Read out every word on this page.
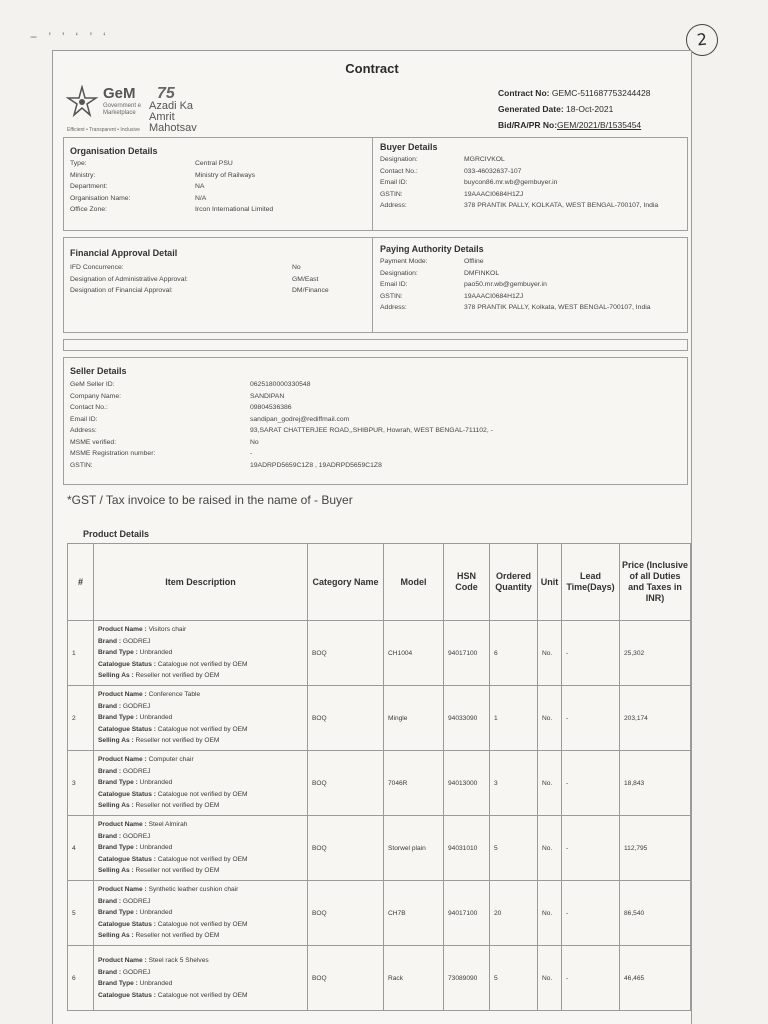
− ’ ’ ‘ ’ ‘	2
Contract
GeM
Government e Marketplace
75
Azadi Ka Amrit Mahotsav
Efficient • Transparent • Inclusive
Contract No: GEMC-511687753244428
Generated Date: 18-Oct-2021
Bid/RA/PR No:GEM/2021/B/1535454
Organisation Details
Type:	Central PSU
Ministry:	Ministry of Railways
Department:	NA
Organisation Name:	N/A
Office Zone:	Ircon International Limited
Buyer Details
Designation:	MGRCIVKOL
Contact No.:	033-46032637-107
Email ID:	buycon86.mr.wb@gembuyer.in
GSTIN:	19AAACI0684H1ZJ
Address:	378 PRANTIK PALLY, KOLKATA, WEST BENGAL-700107, India
Financial Approval Detail
IFD Concurrence:	No
Designation of Administrative Approval:	GM/East
Designation of Financial Approval:	DM/Finance
Paying Authority Details
Payment Mode:	Offline
Designation:	DMFINKOL
Email ID:	pao50.mr.wb@gembuyer.in
GSTIN:	19AAACI0684H1ZJ
Address:	378 PRANTIK PALLY, Kolkata, WEST BENGAL-700107, India
Seller Details
GeM Seller ID:	0625180000330548
Company Name:	SANDIPAN
Contact No.:	09804536386
Email ID:	sandipan_godrej@rediffmail.com
Address:	93,SARAT CHATTERJEE ROAD,,SHIBPUR, Howrah, WEST BENGAL-711102, -
MSME verified:	No
MSME Registration number:	-
GSTIN:	19ADRPD5659C1Z8 , 19ADRPD5659C1Z8
*GST / Tax invoice to be raised in the name of - Buyer
Product Details
#	Item Description	Category Name	Model	HSN Code	Ordered Quantity	Unit	Lead Time(Days)	Price (Inclusive of all Duties and Taxes in INR)
1	Product Name : Visitors chair
Brand : GODREJ
Brand Type : Unbranded
Catalogue Status : Catalogue not verified by OEM
Selling As : Reseller not verified by OEM	BOQ	CH1004	94017100	6	No.	-	25,302
2	Product Name : Conference Table
Brand : GODREJ
Brand Type : Unbranded
Catalogue Status : Catalogue not verified by OEM
Selling As : Reseller not verified by OEM	BOQ	Mingle	94033090	1	No.	-	203,174
3	Product Name : Computer chair
Brand : GODREJ
Brand Type : Unbranded
Catalogue Status : Catalogue not verified by OEM
Selling As : Reseller not verified by OEM	BOQ	7046R	94013000	3	No.	-	18,843
4	Product Name : Steel Almirah
Brand : GODREJ
Brand Type : Unbranded
Catalogue Status : Catalogue not verified by OEM
Selling As : Reseller not verified by OEM	BOQ	Storwel plain	94031010	5	No.	-	112,795
5	Product Name : Synthetic leather cushion chair
Brand : GODREJ
Brand Type : Unbranded
Catalogue Status : Catalogue not verified by OEM
Selling As : Reseller not verified by OEM	BOQ	CH7B	94017100	20	No.	-	86,540
6	Product Name : Steel rack 5 Shelves
Brand : GODREJ
Brand Type : Unbranded
Catalogue Status : Catalogue not verified by OEM	BOQ	Rack	73089090	5	No.	-	46,465
